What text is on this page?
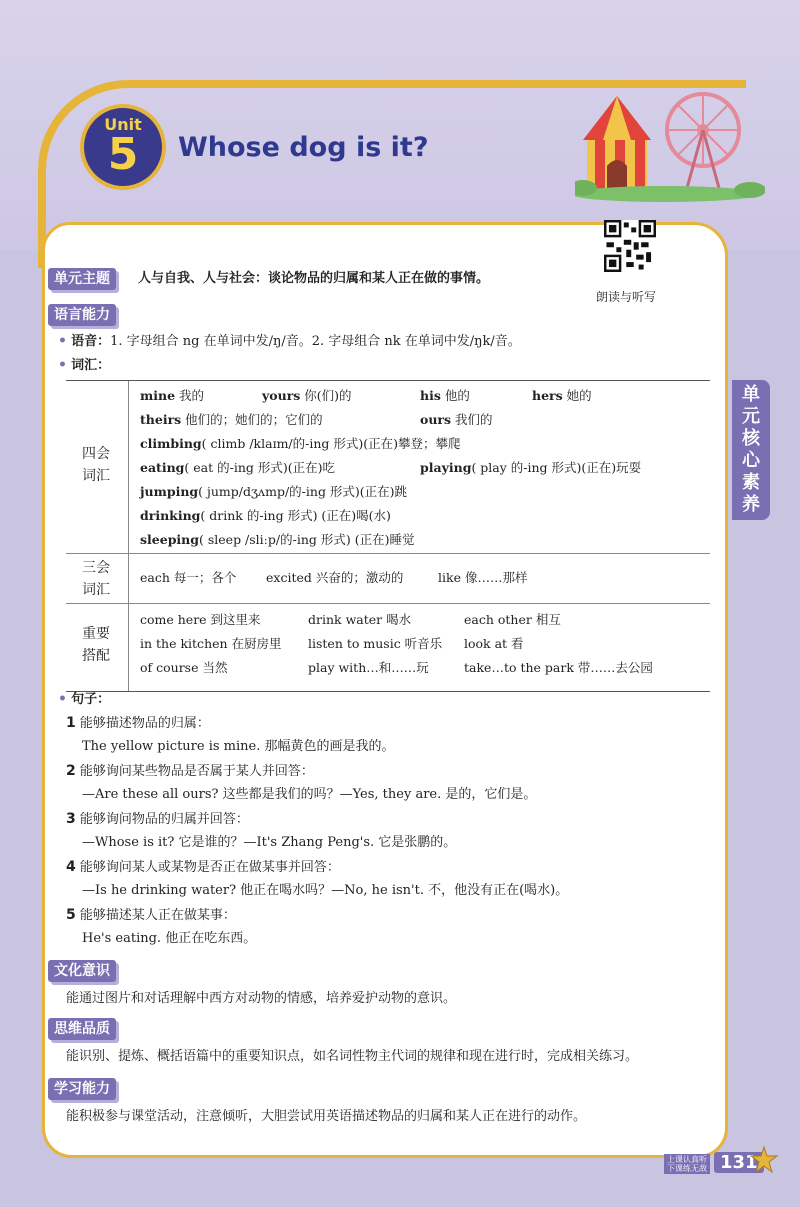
Unit
5 Whose dog is it?
朗读与听写
单
元
核
心
素
养
单元主题	人与自我、人与社会：谈论物品的归属和某人正在做的事情。
语言能力
• 语音：1. 字母组合 ng 在单词中发/ŋ/音。2. 字母组合 nk 在单词中发/ŋk/音。
• 词汇：
四会
词汇
mine 我的	yours 你(们)的	his 他的	hers 她的
theirs 他们的；她们的；它们的	ours 我们的
climbing( climb /klaɪm/的-ing 形式)(正在)攀登；攀爬
eating( eat 的-ing 形式)(正在)吃	playing( play 的-ing 形式)(正在)玩耍
jumping( jump/dʒʌmp/的-ing 形式)(正在)跳
drinking( drink 的-ing 形式) (正在)喝(水)
sleeping( sleep /sliːp/的-ing 形式) (正在)睡觉
三会
词汇
each 每一；各个 excited 兴奋的；激动的	like 像……那样
重要
搭配
come here 到这里来	drink water 喝水	each other 相互
in the kitchen 在厨房里 listen to music 听音乐 look at 看
of course 当然	play with…和……玩	take…to the park 带……去公园
• 句子：
1 能够描述物品的归属：
The yellow picture is mine. 那幅黄色的画是我的。
2 能够询问某些物品是否属于某人并回答：
—Are these all ours? 这些都是我们的吗？—Yes, they are. 是的，它们是。
3 能够询问物品的归属并回答：
—Whose is it? 它是谁的？—It's Zhang Peng's. 它是张鹏的。
4 能够询问某人或某物是否正在做某事并回答：
—Is he drinking water? 他正在喝水吗？—No, he isn't. 不，他没有正在(喝水)。
5 能够描述某人正在做某事：
He's eating. 他正在吃东西。
文化意识
能通过图片和对话理解中西方对动物的情感，培养爱护动物的意识。
思维品质
能识别、提炼、概括语篇中的重要知识点，如名词性物主代词的规律和现在进行时，完成相关练习。
学习能力
能积极参与课堂活动，注意倾听，大胆尝试用英语描述物品的归属和某人正在进行的动作。
上课认真听
下课练无敌 131
